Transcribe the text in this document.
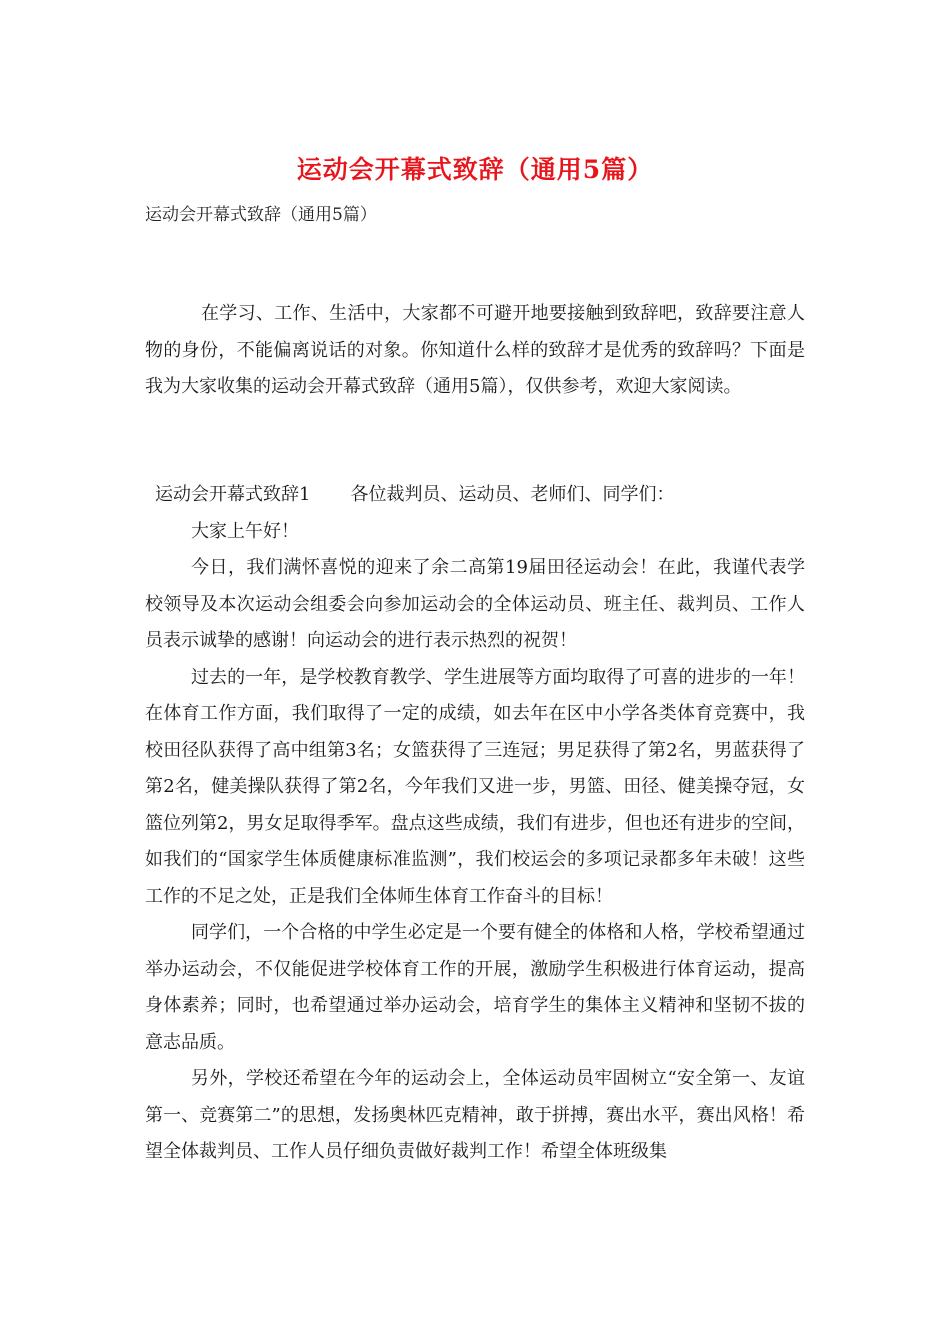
运动会开幕式致辞（通用5篇）
运动会开幕式致辞（通用5篇）

在学习、工作、生活中，大家都不可避开地要接触到致辞吧，致辞要注意人物的身份，不能偏离说话的对象。你知道什么样的致辞才是优秀的致辞吗？下面是我为大家收集的运动会开幕式致辞（通用5篇），仅供参考，欢迎大家阅读。

运动会开幕式致辞1 各位裁判员、运动员、老师们、同学们：

大家上午好！

今日，我们满怀喜悦的迎来了余二高第19届田径运动会！在此，我谨代表学校领导及本次运动会组委会向参加运动会的全体运动员、班主任、裁判员、工作人员表示诚挚的感谢！向运动会的进行表示热烈的祝贺！

过去的一年，是学校教育教学、学生进展等方面均取得了可喜的进步的一年！在体育工作方面，我们取得了一定的成绩，如去年在区中小学各类体育竞赛中，我校田径队获得了高中组第3名；女篮获得了三连冠；男足获得了第2名，男蓝获得了第2名，健美操队获得了第2名，今年我们又进一步，男篮、田径、健美操夺冠，女篮位列第2，男女足取得季军。盘点这些成绩，我们有进步，但也还有进步的空间，如我们的“国家学生体质健康标准监测”，我们校运会的多项记录都多年未破！这些工作的不足之处，正是我们全体师生体育工作奋斗的目标！

同学们，一个合格的中学生必定是一个要有健全的体格和人格，学校希望通过举办运动会，不仅能促进学校体育工作的开展，激励学生积极进行体育运动，提高身体素养；同时，也希望通过举办运动会，培育学生的集体主义精神和坚韧不拔的意志品质。

另外，学校还希望在今年的运动会上，全体运动员牢固树立“安全第一、友谊第一、竞赛第二”的思想，发扬奥林匹克精神，敢于拼搏，赛出水平，赛出风格！希望全体裁判员、工作人员仔细负责做好裁判工作！希望全体班级集
